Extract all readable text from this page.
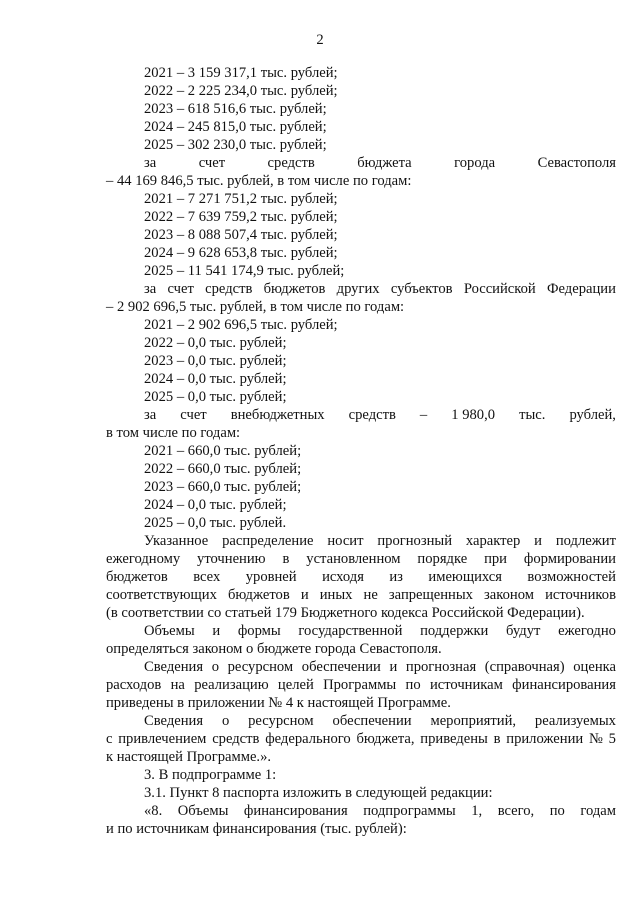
2
2021 – 3 159 317,1 тыс. рублей;
2022 – 2 225 234,0 тыс. рублей;
2023 – 618 516,6 тыс. рублей;
2024 – 245 815,0 тыс. рублей;
2025 – 302 230,0 тыс. рублей;
за	счет	средств	бюджета	города	Севастополя
– 44 169 846,5 тыс. рублей, в том числе по годам:
2021 – 7 271 751,2 тыс. рублей;
2022 – 7 639 759,2 тыс. рублей;
2023 – 8 088 507,4 тыс. рублей;
2024 – 9 628 653,8 тыс. рублей;
2025 – 11 541 174,9 тыс. рублей;
за счет средств бюджетов других субъектов Российской Федерации
– 2 902 696,5 тыс. рублей, в том числе по годам:
2021 – 2 902 696,5 тыс. рублей;
2022 – 0,0 тыс. рублей;
2023 – 0,0 тыс. рублей;
2024 – 0,0 тыс. рублей;
2025 – 0,0 тыс. рублей;
за счет внебюджетных средств – 1 980,0 тыс. рублей,
в том числе по годам:
2021 – 660,0 тыс. рублей;
2022 – 660,0 тыс. рублей;
2023 – 660,0 тыс. рублей;
2024 – 0,0 тыс. рублей;
2025 – 0,0 тыс. рублей.
Указанное распределение носит прогнозный характер и подлежит
ежегодному уточнению в установленном порядке при формировании
бюджетов всех уровней исходя из имеющихся возможностей
соответствующих бюджетов и иных не запрещенных законом источников
(в соответствии со статьей 179 Бюджетного кодекса Российской Федерации).
Объемы и формы государственной поддержки будут ежегодно
определяться законом о бюджете города Севастополя.
Сведения о ресурсном обеспечении и прогнозная (справочная) оценка
расходов на реализацию целей Программы по источникам финансирования
приведены в приложении № 4 к настоящей Программе.
Сведения о ресурсном обеспечении мероприятий, реализуемых
с привлечением средств федерального бюджета, приведены в приложении № 5
к настоящей Программе.».
3. В подпрограмме 1:
3.1. Пункт 8 паспорта изложить в следующей редакции:
«8. Объемы финансирования подпрограммы 1, всего, по годам
и по источникам финансирования (тыс. рублей):
